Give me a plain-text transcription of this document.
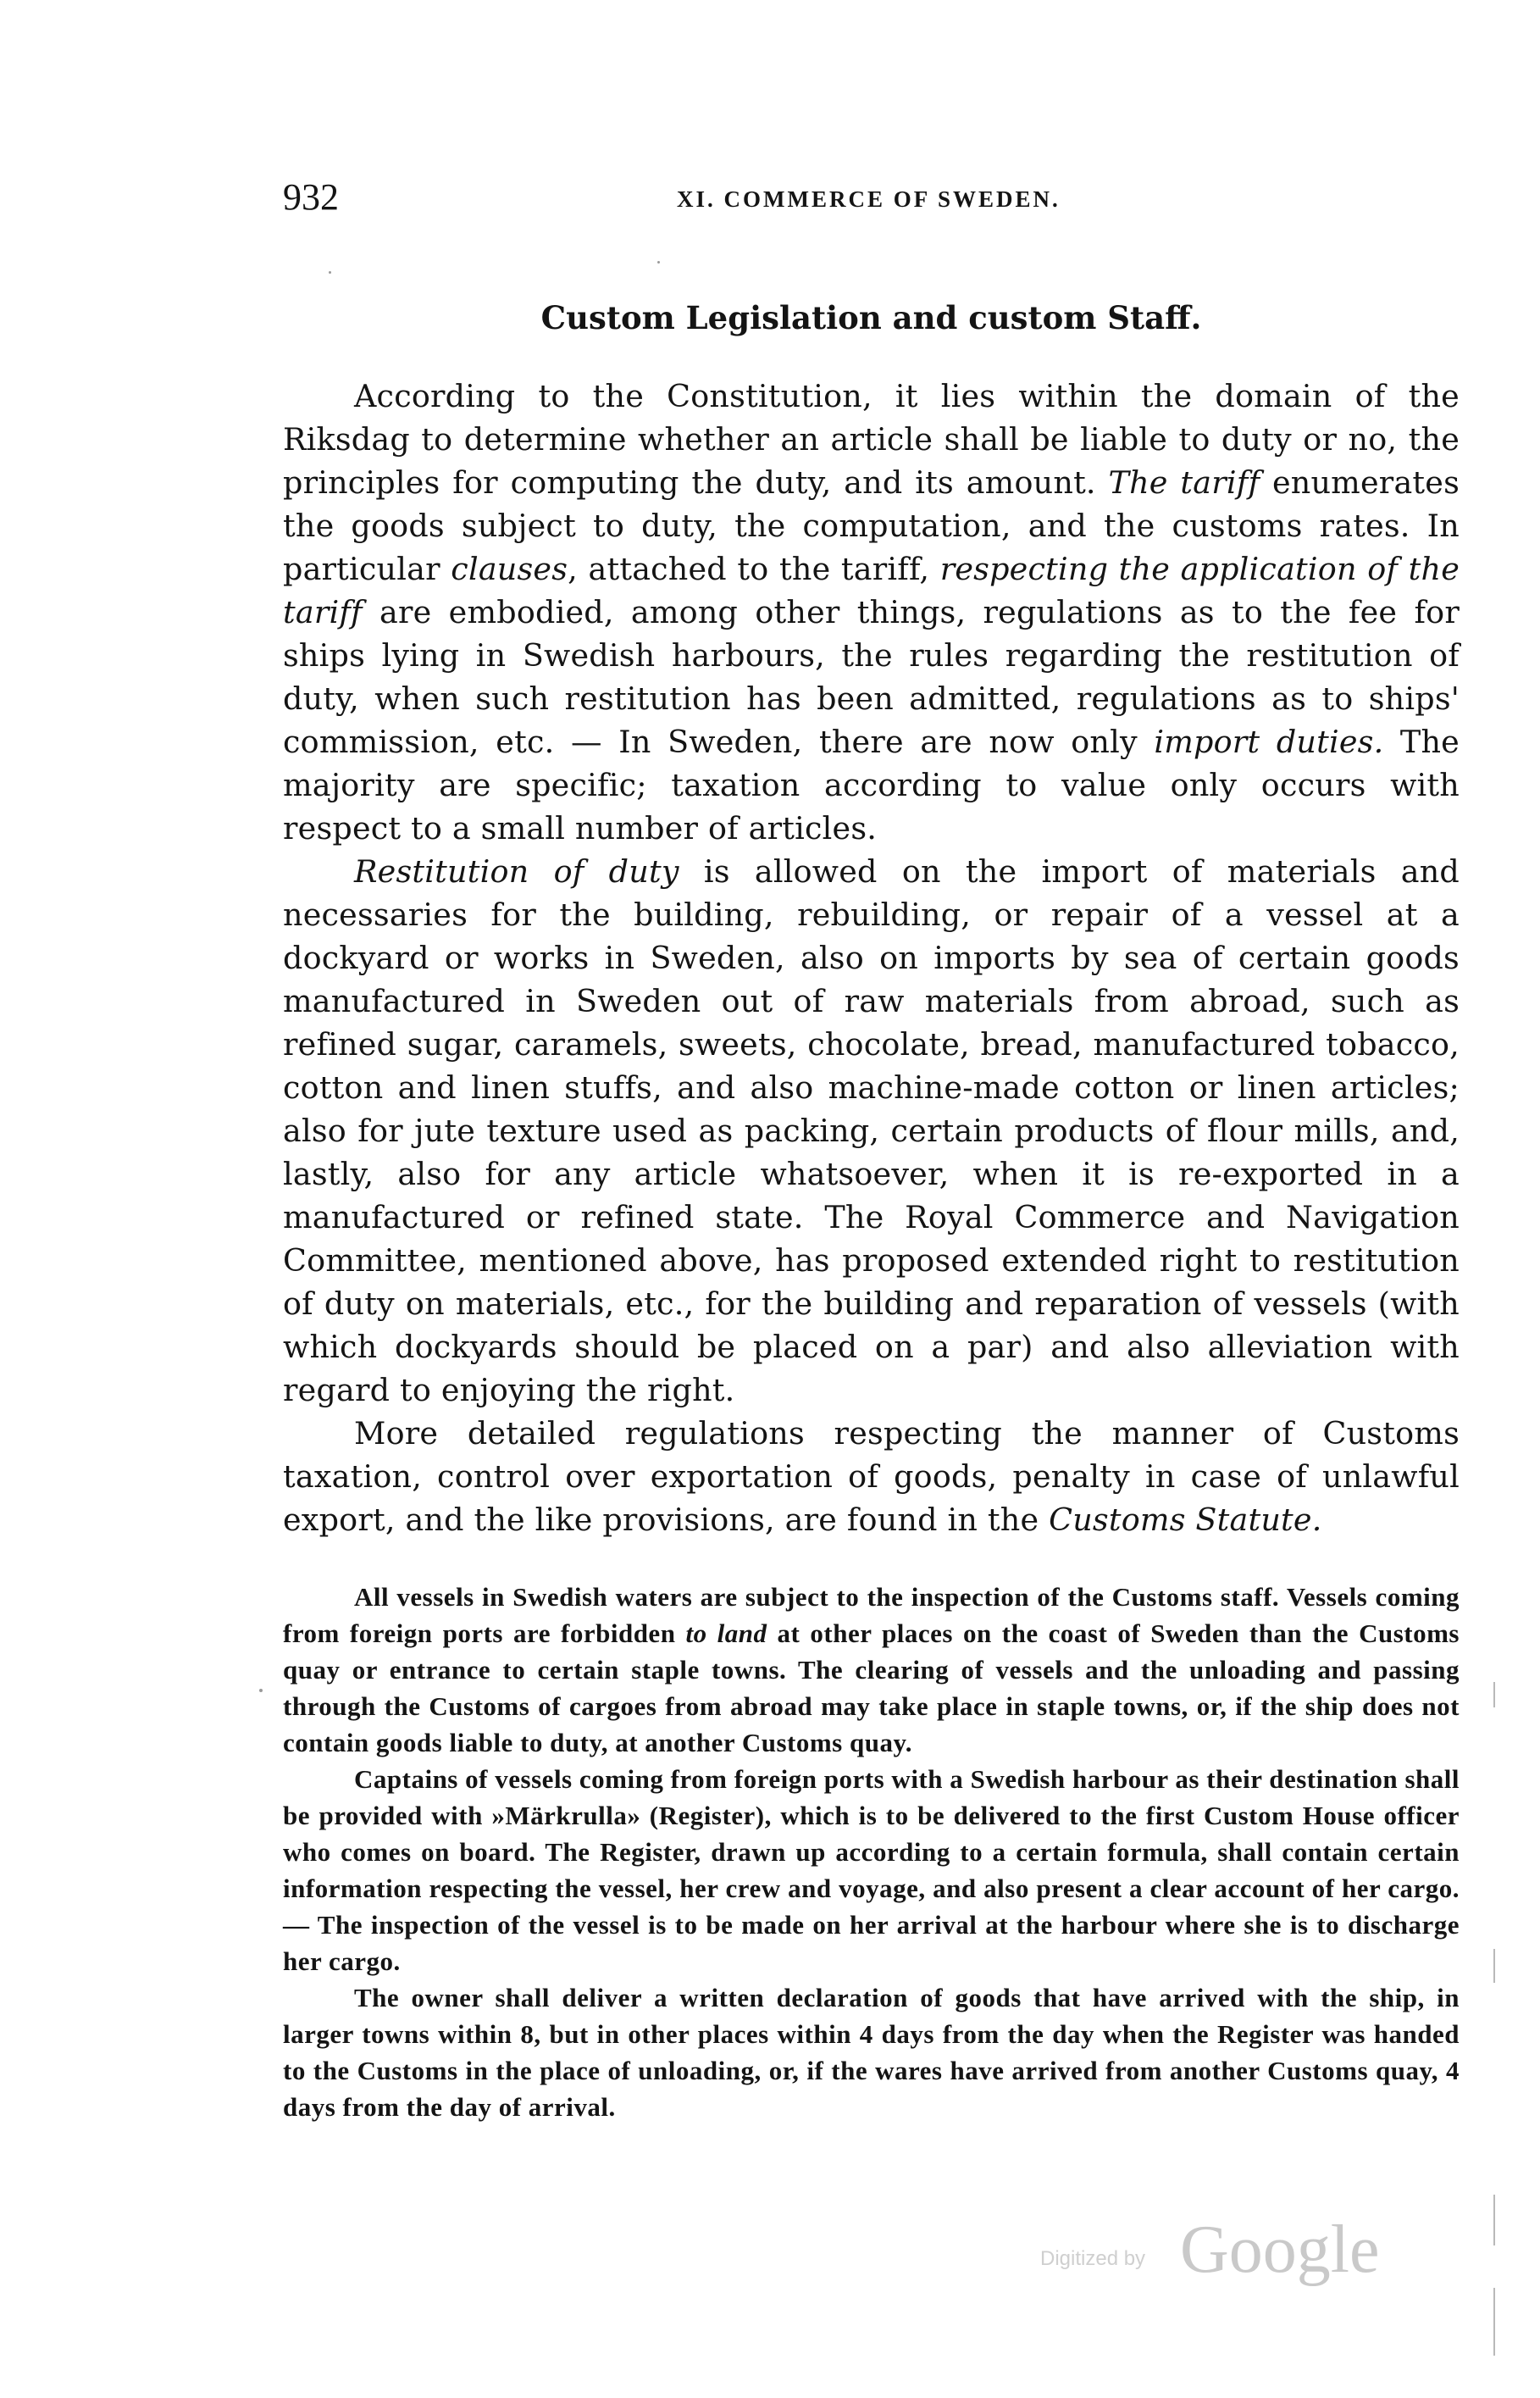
932	XI. COMMERCE OF SWEDEN.
Custom Legislation and custom Staff.

According to the Constitution, it lies within the domain of the Riksdag to determine whether an article shall be liable to duty or no, the principles for computing the duty, and its amount. The tariff enumerates the goods subject to duty, the computation, and the customs rates. In particular clauses, attached to the tariff, respecting the application of the tariff are embodied, among other things, regulations as to the fee for ships lying in Swedish harbours, the rules regarding the restitution of duty, when such restitution has been admitted, regulations as to ships' commission, etc. — In Sweden, there are now only import duties. The majority are specific; taxation according to value only occurs with respect to a small number of articles.

Restitution of duty is allowed on the import of materials and necessaries for the building, rebuilding, or repair of a vessel at a dockyard or works in Sweden, also on imports by sea of certain goods manufactured in Sweden out of raw materials from abroad, such as refined sugar, caramels, sweets, chocolate, bread, manufactured tobacco, cotton and linen stuffs, and also machine-made cotton or linen articles; also for jute texture used as packing, certain products of flour mills, and, lastly, also for any article whatsoever, when it is re-exported in a manufactured or refined state. The Royal Commerce and Navigation Committee, mentioned above, has proposed extended right to restitution of duty on materials, etc., for the building and reparation of vessels (with which dockyards should be placed on a par) and also alleviation with regard to enjoying the right.

More detailed regulations respecting the manner of Customs taxation, control over exportation of goods, penalty in case of unlawful export, and the like provisions, are found in the Customs Statute.

All vessels in Swedish waters are subject to the inspection of the Customs staff. Vessels coming from foreign ports are forbidden to land at other places on the coast of Sweden than the Customs quay or entrance to certain staple towns. The clearing of vessels and the unloading and passing through the Customs of cargoes from abroad may take place in staple towns, or, if the ship does not contain goods liable to duty, at another Customs quay.

Captains of vessels coming from foreign ports with a Swedish harbour as their destination shall be provided with »Märkrulla» (Register), which is to be delivered to the first Custom House officer who comes on board. The Register, drawn up according to a certain formula, shall contain certain information respecting the vessel, her crew and voyage, and also present a clear account of her cargo. — The inspection of the vessel is to be made on her arrival at the harbour where she is to discharge her cargo.

The owner shall deliver a written declaration of goods that have arrived with the ship, in larger towns within 8, but in other places within 4 days from the day when the Register was handed to the Customs in the place of unloading, or, if the wares have arrived from another Customs quay, 4 days from the day of arrival.

Digitized by Google
